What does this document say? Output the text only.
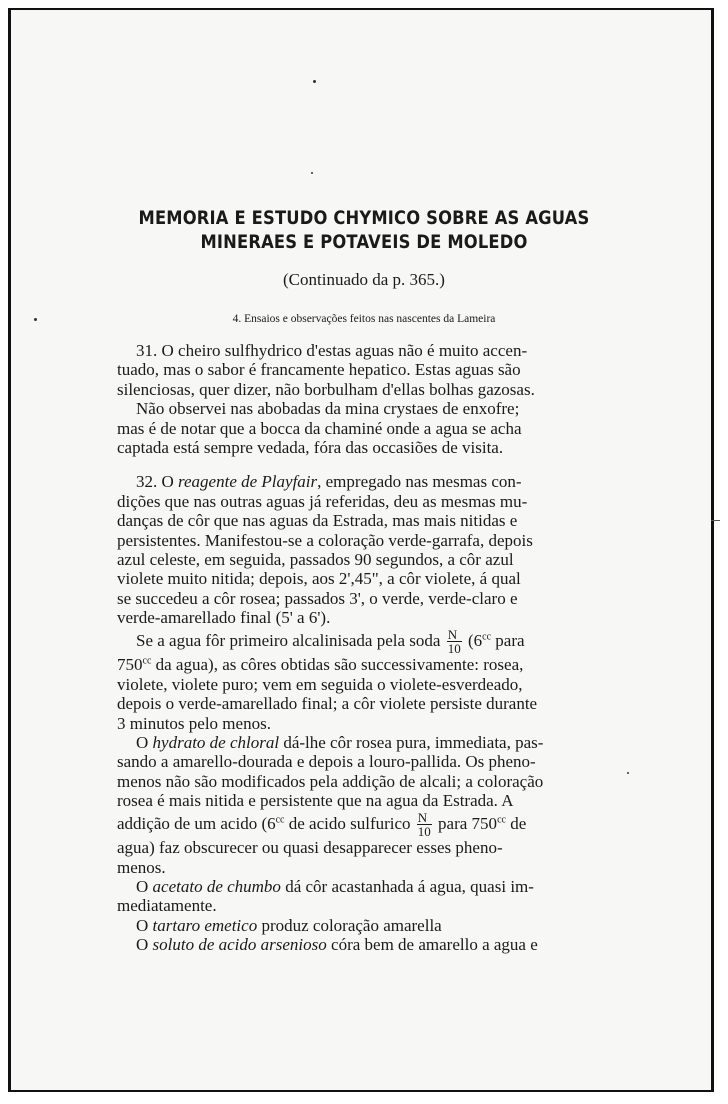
MEMORIA E ESTUDO CHYMICO SOBRE AS AGUAS
MINERAES E POTAVEIS DE MOLEDO
(Continuado da p. 365.)
4. Ensaios e observações feitos nas nascentes da Lameira

31. O cheiro sulfhydrico d'estas aguas não é muito accen-

tuado, mas o sabor é francamente hepatico. Estas aguas são

silenciosas, quer dizer, não borbulham d'ellas bolhas gazosas.

Não observei nas abobadas da mina crystaes de enxofre;

mas é de notar que a bocca da chaminé onde a agua se acha

captada está sempre vedada, fóra das occasiões de visita.

32. O reagente de Playfair, empregado nas mesmas con-

dições que nas outras aguas já referidas, deu as mesmas mu-

danças de côr que nas aguas da Estrada, mas mais nitidas e

persistentes. Manifestou-se a coloração verde-garrafa, depois

azul celeste, em seguida, passados 90 segundos, a côr azul

violete muito nitida; depois, aos 2',45", a côr violete, á qual

se succedeu a côr rosea; passados 3', o verde, verde-claro e

verde-amarellado final (5' a 6').

Se a agua fôr primeiro alcalinisada pela soda $\frac{N}{10} (6^{cc}$ para

$750^{cc}$ da agua), as côres obtidas são successivamente: rosea,

violete, violete puro; vem em seguida o violete-esverdeado,

depois o verde-amarellado final; a côr violete persiste durante

3 minutos pelo menos.

O hydrato de chloral dá-lhe côr rosea pura, immediata, pas-

sando a amarello-dourada e depois a louro-pallida. Os pheno-

menos não são modificados pela addição de alcali; a coloração

rosea é mais nitida e persistente que na agua da Estrada. A

addição de um acido ($6^{cc}$ de acido sulfurico $\frac{N}{10}$ para $750^{cc}$ de

agua) faz obscurecer ou quasi desapparecer esses pheno-

menos.

O acetato de chumbo dá côr acastanhada á agua, quasi im-

mediatamente.

O tartaro emetico produz coloração amarella

O soluto de acido arsenioso córa bem de amarello a agua e
